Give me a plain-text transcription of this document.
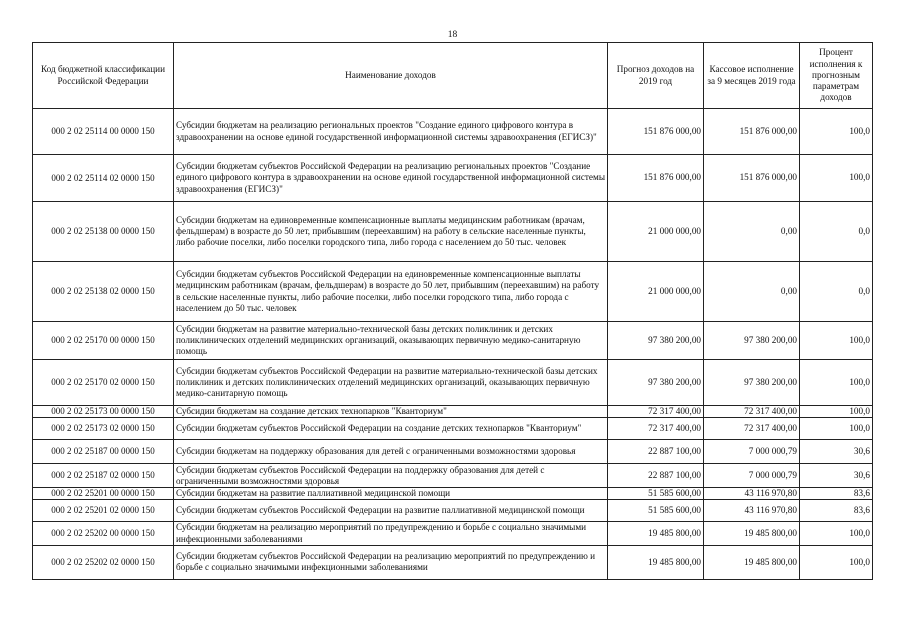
18
Код бюджетной классификации Российской Федерации	Наименование доходов	Прогноз доходов на 2019 год	Кассовое исполнение за 9 месяцев 2019 года	Процент исполнения к прогнозным параметрам доходов
000 2 02 25114 00 0000 150	Субсидии бюджетам на реализацию региональных проектов "Создание единого цифрового контура в здравоохранении на основе единой государственной информационной системы здравоохранения (ЕГИСЗ)"	151 876 000,00	151 876 000,00	100,0
000 2 02 25114 02 0000 150	Субсидии бюджетам субъектов Российской Федерации на реализацию региональных проектов "Создание единого цифрового контура в здравоохранении на основе единой государственной информационной системы здравоохранения (ЕГИСЗ)"	151 876 000,00	151 876 000,00	100,0
000 2 02 25138 00 0000 150	Субсидии бюджетам на единовременные компенсационные выплаты медицинским работникам (врачам, фельдшерам) в возрасте до 50 лет, прибывшим (переехавшим) на работу в сельские населенные пункты, либо рабочие поселки, либо поселки городского типа, либо города с населением до 50 тыс. человек	21 000 000,00	0,00	0,0
000 2 02 25138 02 0000 150	Субсидии бюджетам субъектов Российской Федерации на единовременные компенсационные выплаты медицинским работникам (врачам, фельдшерам) в возрасте до 50 лет, прибывшим (переехавшим) на работу в сельские населенные пункты, либо рабочие поселки, либо поселки городского типа, либо города с населением до 50 тыс. человек	21 000 000,00	0,00	0,0
000 2 02 25170 00 0000 150	Субсидии бюджетам на развитие материально-технической базы детских поликлиник и детских поликлинических отделений медицинских организаций, оказывающих первичную медико-санитарную помощь	97 380 200,00	97 380 200,00	100,0
000 2 02 25170 02 0000 150	Субсидии бюджетам субъектов Российской Федерации на развитие материально-технической базы детских поликлиник и детских поликлинических отделений медицинских организаций, оказывающих первичную медико-санитарную помощь	97 380 200,00	97 380 200,00	100,0
000 2 02 25173 00 0000 150	Субсидии бюджетам на создание детских технопарков "Кванториум"	72 317 400,00	72 317 400,00	100,0
000 2 02 25173 02 0000 150	Субсидии бюджетам субъектов Российской Федерации на создание детских технопарков "Кванториум"	72 317 400,00	72 317 400,00	100,0
000 2 02 25187 00 0000 150	Субсидии бюджетам на поддержку образования для детей с ограниченными возможностями здоровья	22 887 100,00	7 000 000,79	30,6
000 2 02 25187 02 0000 150	Субсидии бюджетам субъектов Российской Федерации на поддержку образования для детей с ограниченными возможностями здоровья	22 887 100,00	7 000 000,79	30,6
000 2 02 25201 00 0000 150	Субсидии бюджетам на развитие паллиативной медицинской помощи	51 585 600,00	43 116 970,80	83,6
000 2 02 25201 02 0000 150	Субсидии бюджетам субъектов Российской Федерации на развитие паллиативной медицинской помощи	51 585 600,00	43 116 970,80	83,6
000 2 02 25202 00 0000 150	Субсидии бюджетам на реализацию мероприятий по предупреждению и борьбе с социально значимыми инфекционными заболеваниями	19 485 800,00	19 485 800,00	100,0
000 2 02 25202 02 0000 150	Субсидии бюджетам субъектов Российской Федерации на реализацию мероприятий по предупреждению и борьбе с социально значимыми инфекционными заболеваниями	19 485 800,00	19 485 800,00	100,0
